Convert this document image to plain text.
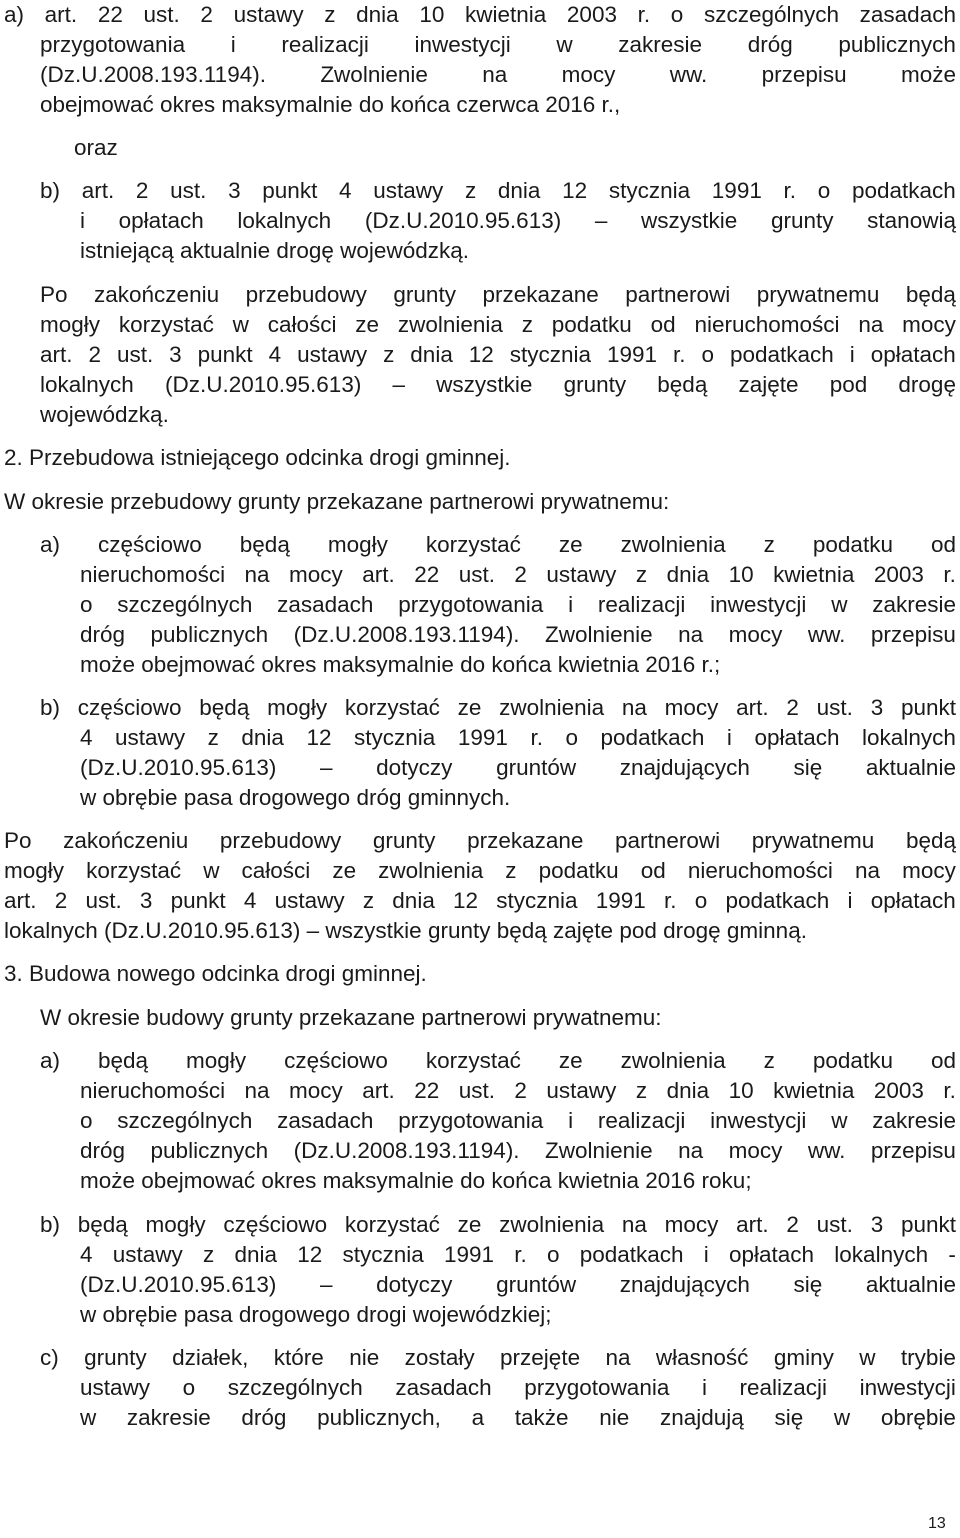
a) art. 22 ust. 2 ustawy z dnia 10 kwietnia 2003 r. o szczególnych zasadach
przygotowania i realizacji inwestycji w zakresie dróg publicznych
(Dz.U.2008.193.1194). Zwolnienie na mocy ww. przepisu może
obejmować okres maksymalnie do końca czerwca 2016 r.,
oraz
b) art. 2 ust. 3 punkt 4 ustawy z dnia 12 stycznia 1991 r. o podatkach
i opłatach lokalnych (Dz.U.2010.95.613) – wszystkie grunty stanowią
istniejącą aktualnie drogę wojewódzką.
Po zakończeniu przebudowy grunty przekazane partnerowi prywatnemu będą
mogły korzystać w całości ze zwolnienia z podatku od nieruchomości na mocy
art. 2 ust. 3 punkt 4 ustawy z dnia 12 stycznia 1991 r. o podatkach i opłatach
lokalnych (Dz.U.2010.95.613) – wszystkie grunty będą zajęte pod drogę
wojewódzką.
2. Przebudowa istniejącego odcinka drogi gminnej.
W okresie przebudowy grunty przekazane partnerowi prywatnemu:
a) częściowo będą mogły korzystać ze zwolnienia z podatku od
nieruchomości na mocy art. 22 ust. 2 ustawy z dnia 10 kwietnia 2003 r.
o szczególnych zasadach przygotowania i realizacji inwestycji w zakresie
dróg publicznych (Dz.U.2008.193.1194). Zwolnienie na mocy ww. przepisu
może obejmować okres maksymalnie do końca kwietnia 2016 r.;
b) częściowo będą mogły korzystać ze zwolnienia na mocy art. 2 ust. 3 punkt
4 ustawy z dnia 12 stycznia 1991 r. o podatkach i opłatach lokalnych
(Dz.U.2010.95.613) – dotyczy gruntów znajdujących się aktualnie
w obrębie pasa drogowego dróg gminnych.
Po zakończeniu przebudowy grunty przekazane partnerowi prywatnemu będą
mogły korzystać w całości ze zwolnienia z podatku od nieruchomości na mocy
art. 2 ust. 3 punkt 4 ustawy z dnia 12 stycznia 1991 r. o podatkach i opłatach
lokalnych (Dz.U.2010.95.613) – wszystkie grunty będą zajęte pod drogę gminną.
3. Budowa nowego odcinka drogi gminnej.
W okresie budowy grunty przekazane partnerowi prywatnemu:
a) będą mogły częściowo korzystać ze zwolnienia z podatku od
nieruchomości na mocy art. 22 ust. 2 ustawy z dnia 10 kwietnia 2003 r.
o szczególnych zasadach przygotowania i realizacji inwestycji w zakresie
dróg publicznych (Dz.U.2008.193.1194). Zwolnienie na mocy ww. przepisu
może obejmować okres maksymalnie do końca kwietnia 2016 roku;
b) będą mogły częściowo korzystać ze zwolnienia na mocy art. 2 ust. 3 punkt
4 ustawy z dnia 12 stycznia 1991 r. o podatkach i opłatach lokalnych -
(Dz.U.2010.95.613) – dotyczy gruntów znajdujących się aktualnie
w obrębie pasa drogowego drogi wojewódzkiej;
c) grunty działek, które nie zostały przejęte na własność gminy w trybie
ustawy o szczególnych zasadach przygotowania i realizacji inwestycji
w zakresie dróg publicznych, a także nie znajdują się w obrębie
13
